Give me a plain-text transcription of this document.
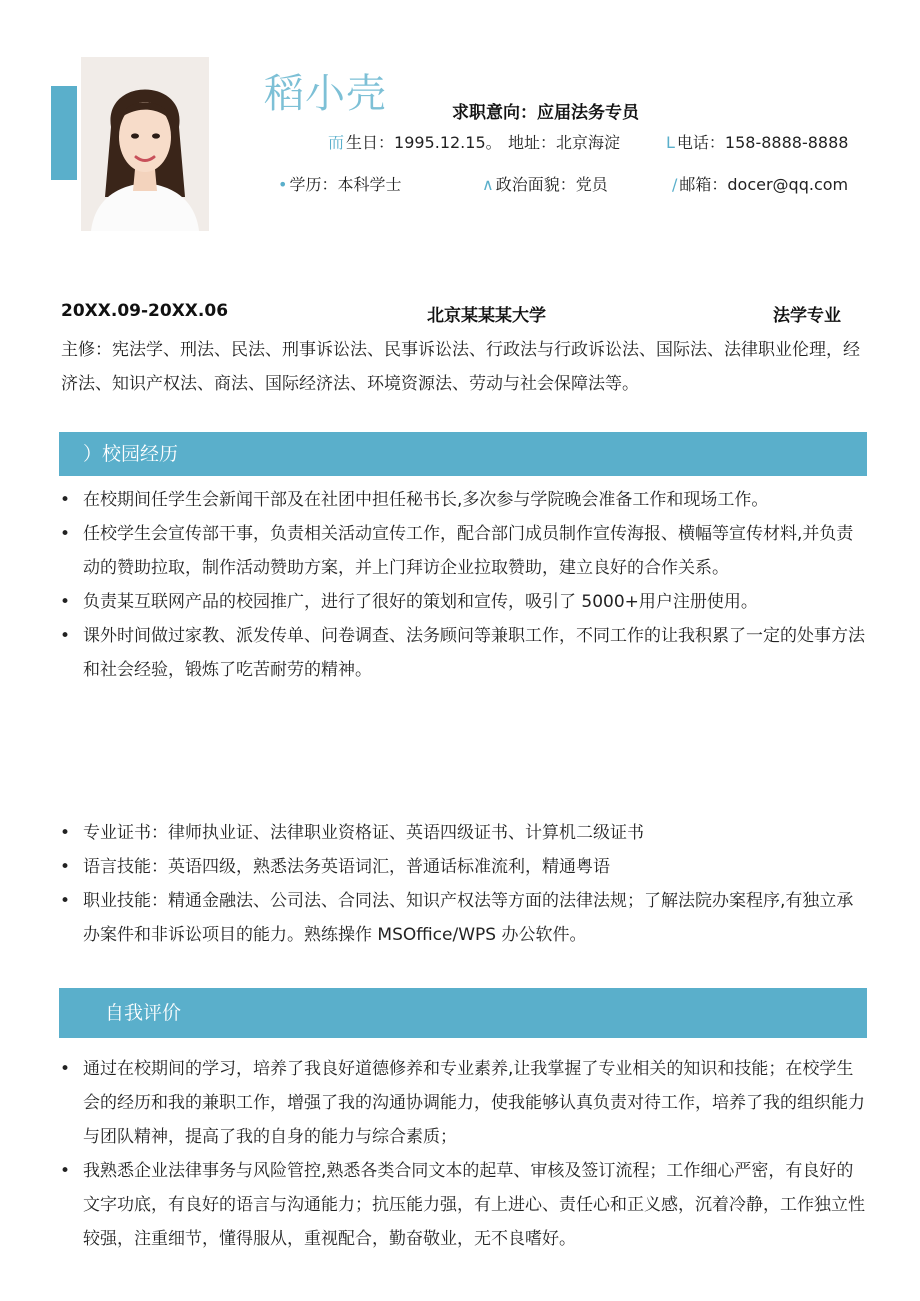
稻小壳	求职意向：应届法务专员
而 生日：1995.12.15。 地址：北京海淀	L 电话：158-8888-8888
• 学历：本科学士	∧ 政治面貌：党员	/ 邮箱：docer@qq.com
20XX.09-20XX.06	北京某某某大学	法学专业
主修：宪法学、刑法、民法、刑事诉讼法、民事诉讼法、行政法与行政诉讼法、国际法、法律职业伦理，经济法、知识产权法、商法、国际经济法、环境资源法、劳动与社会保障法等。
）校园经历
• 在校期间任学生会新闻干部及在社团中担任秘书长,多次参与学院晚会准备工作和现场工作。
• 任校学生会宣传部干事，负责相关活动宣传工作，配合部门成员制作宣传海报、横幅等宣传材料,并负责动的赞助拉取，制作活动赞助方案，并上门拜访企业拉取赞助，建立良好的合作关系。
• 负责某互联网产品的校园推广，进行了很好的策划和宣传，吸引了 5000+用户注册使用。
• 课外时间做过家教、派发传单、问卷调查、法务顾问等兼职工作，不同工作的让我积累了一定的处事方法和社会经验，锻炼了吃苦耐劳的精神。
• 专业证书：律师执业证、法律职业资格证、英语四级证书、计算机二级证书
• 语言技能：英语四级，熟悉法务英语词汇，普通话标准流利，精通粤语
• 职业技能：精通金融法、公司法、合同法、知识产权法等方面的法律法规；了解法院办案程序,有独立承办案件和非诉讼项目的能力。熟练操作 MSOffice/WPS 办公软件。
自我评价
• 通过在校期间的学习，培养了我良好道德修养和专业素养,让我掌握了专业相关的知识和技能；在校学生会的经历和我的兼职工作，增强了我的沟通协调能力，使我能够认真负责对待工作，培养了我的组织能力与团队精神，提高了我的自身的能力与综合素质；
• 我熟悉企业法律事务与风险管控,熟悉各类合同文本的起草、审核及签订流程；工作细心严密，有良好的文字功底，有良好的语言与沟通能力；抗压能力强，有上进心、责任心和正义感，沉着冷静，工作独立性较强，注重细节，懂得服从，重视配合，勤奋敬业，无不良嗜好。
